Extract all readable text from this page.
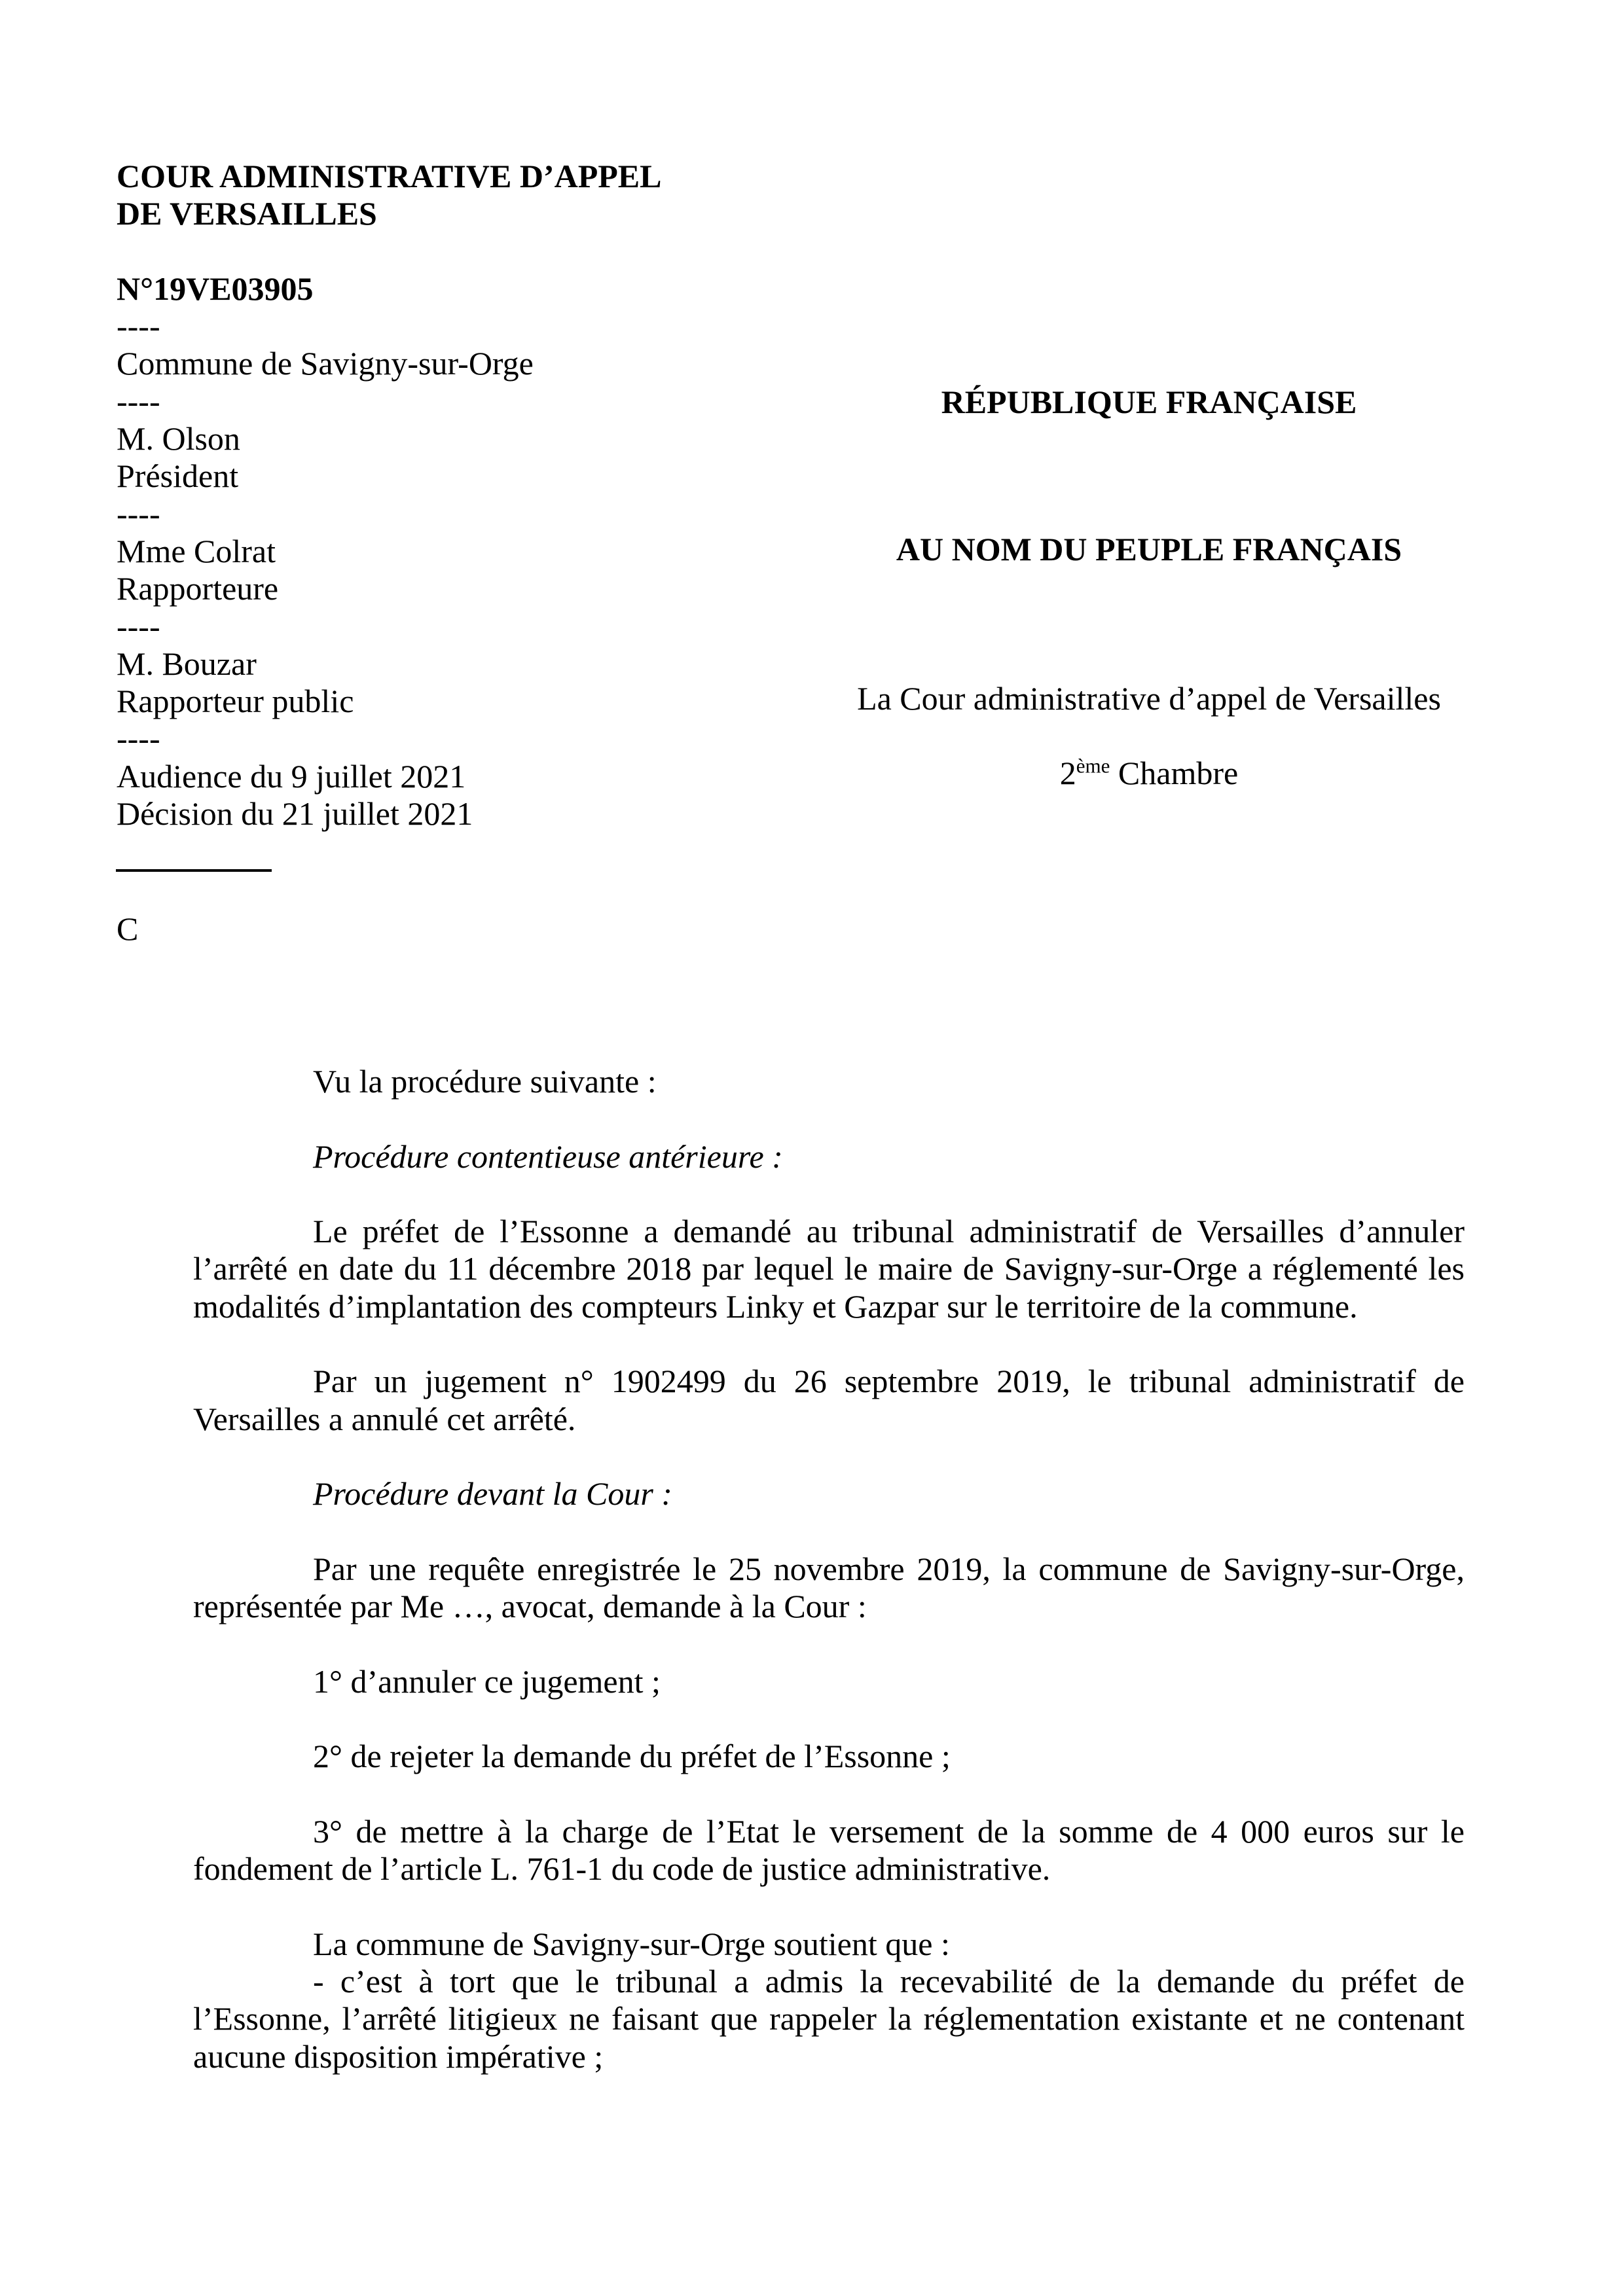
COUR ADMINISTRATIVE D’APPEL
DE VERSAILLES
N°19VE03905
----
Commune de Savigny-sur-Orge
----
M. Olson
Président
----
Mme Colrat
Rapporteure
----
M. Bouzar
Rapporteur public
----
Audience du 9 juillet 2021
Décision du 21 juillet 2021
RÉPUBLIQUE FRANÇAISE
AU NOM DU PEUPLE FRANÇAIS
La Cour administrative d’appel de Versailles
2ème Chambre
C

Vu la procédure suivante :

Procédure contentieuse antérieure :

Le préfet de l’Essonne a demandé au tribunal administratif de Versailles d’annuler l’arrêté en date du 11 décembre 2018 par lequel le maire de Savigny-sur-Orge a réglementé les modalités d’implantation des compteurs Linky et Gazpar sur le territoire de la commune.

Par un jugement n° 1902499 du 26 septembre 2019, le tribunal administratif de Versailles a annulé cet arrêté.

Procédure devant la Cour :

Par une requête enregistrée le 25 novembre 2019, la commune de Savigny-sur-Orge, représentée par Me …, avocat, demande à la Cour :

1° d’annuler ce jugement ;

2° de rejeter la demande du préfet de l’Essonne ;

3° de mettre à la charge de l’Etat le versement de la somme de 4 000 euros sur le fondement de l’article L. 761-1 du code de justice administrative.

La commune de Savigny-sur-Orge soutient que :

- c’est à tort que le tribunal a admis la recevabilité de la demande du préfet de l’Essonne, l’arrêté litigieux ne faisant que rappeler la réglementation existante et ne contenant aucune disposition impérative ;
